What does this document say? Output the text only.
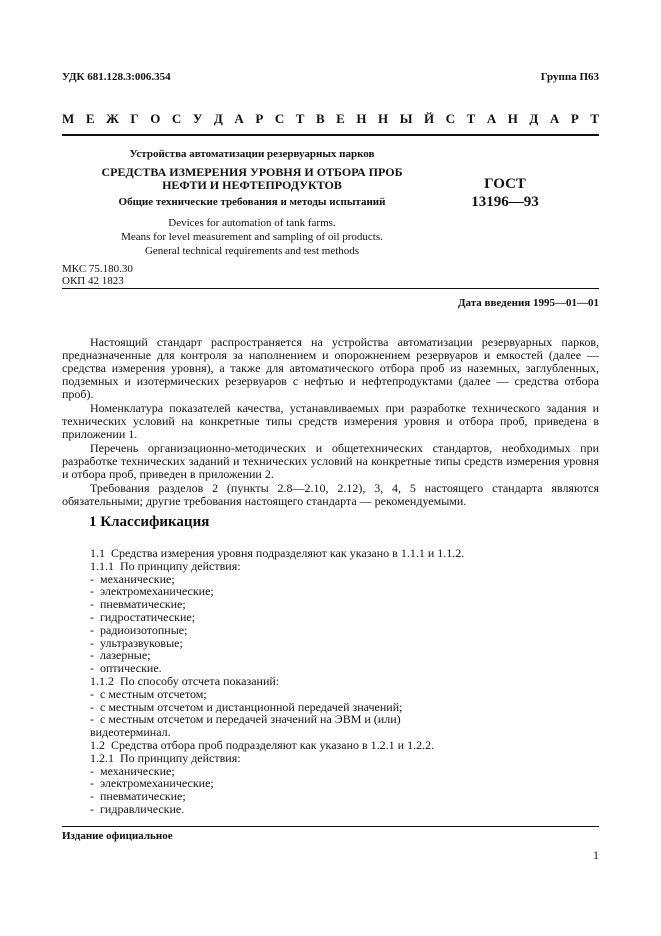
УДК 681.128.3:006.354	Группа П63
М Е Ж Г О С У Д А Р С Т В Е Н Н Ы Й С Т А Н Д А Р Т
Устройства автоматизации резервуарных парков
СРЕДСТВА ИЗМЕРЕНИЯ УРОВНЯ И ОТБОРА ПРОБ
НЕФТИ И НЕФТЕПРОДУКТОВ
Общие технические требования и методы испытаний
Devices for automation of tank farms.
Means for level measurement and sampling of oil products.
General technical requirements and test methods
ГОСТ
13196—93
МКС 75.180.30
ОКП 42 1823
Дата введения 1995—01—01

Настоящий стандарт распространяется на устройства автоматизации резервуарных парков, предназначенные для контроля за наполнением и опорожнением резервуаров и емкостей (далее — средства измерения уровня), а также для автоматического отбора проб из наземных, заглубленных, подземных и изотермических резервуаров с нефтью и нефтепродуктами (далее — средства отбора проб).

Номенклатура показателей качества, устанавливаемых при разработке технического задания и технических условий на конкретные типы средств измерения уровня и отбора проб, приведена в приложении 1.

Перечень организационно-методических и общетехнических стандартов, необходимых при разработке технических заданий и технических условий на конкретные типы средств измерения уровня и отбора проб, приведен в приложении 2.

Требования разделов 2 (пункты 2.8—2.10, 2.12), 3, 4, 5 настоящего стандарта являются обязательными; другие требования настоящего стандарта — рекомендуемыми.

1 Классификация
1.1  Средства измерения уровня подразделяют как указано в 1.1.1 и 1.1.2.
1.1.1  По принципу действия:
-  механические;
-  электромеханические;
-  пневматические;
-  гидростатические;
-  радиоизотопные;
-  ультразвуковые;
-  лазерные;
-  оптические.
1.1.2  По способу отсчета показаний:
-  с местным отсчетом;
-  с местным отсчетом и дистанционной передачей значений;
-  с местным отсчетом и передачей значений на ЭВМ и (или)
видеотерминал.
1.2  Средства отбора проб подразделяют как указано в 1.2.1 и 1.2.2.
1.2.1  По принципу действия:
-  механические;
-  электромеханические;
-  пневматические;
-  гидравлические.
Издание официальное
1
